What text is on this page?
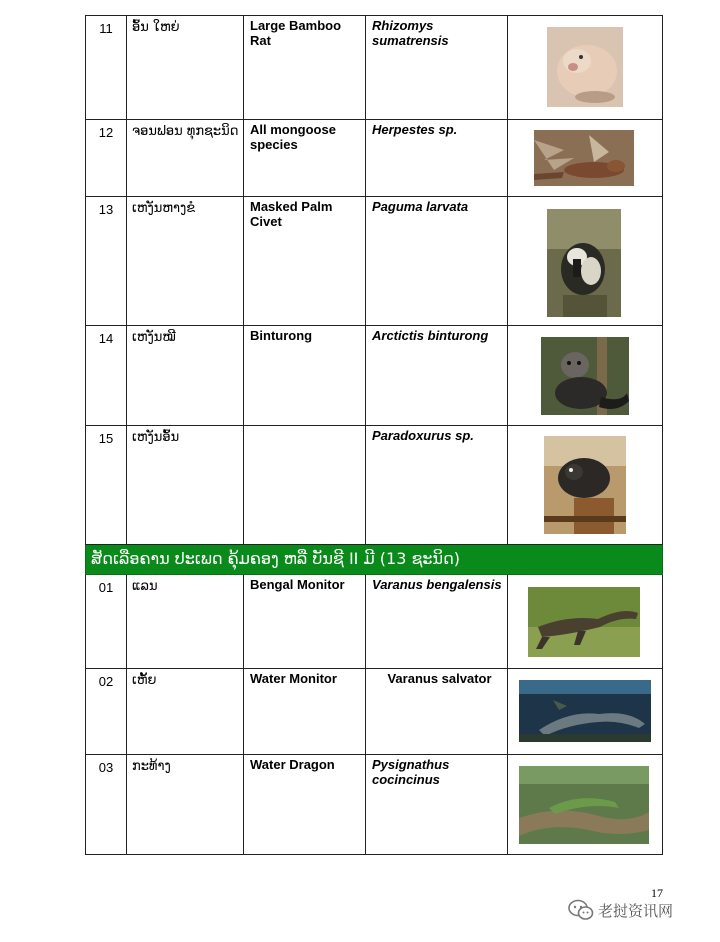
11	ອົ້ນ ໃຫຍ່	Large Bamboo Rat	Rhizomys sumatrensis	

12	ຈອນຟອນ ທຸກຊະນິດ	All mongoose species	Herpestes sp.	

13	ເຫງັນຫາງຂໍ	Masked Palm Civet	Paguma larvata	

14	ເຫງັນໝີ	Binturong	Arctictis binturong	

15	ເຫງັນອົ້ນ		Paradoxurus sp.	

ສັດເລືອຄານ ປະເພດ ຄຸ້ມຄອງ ຫລື ບັນຊີ II ມີ (13 ຊະນິດ)				
01	ແລນ	Bengal Monitor	Varanus bengalensis	

02	ເຫັ້ຍ	Water Monitor	Varanus salvator	

03	ກະທ້າງ	Water Dragon	Pysignathus cocincinus	
17
老挝资讯网
